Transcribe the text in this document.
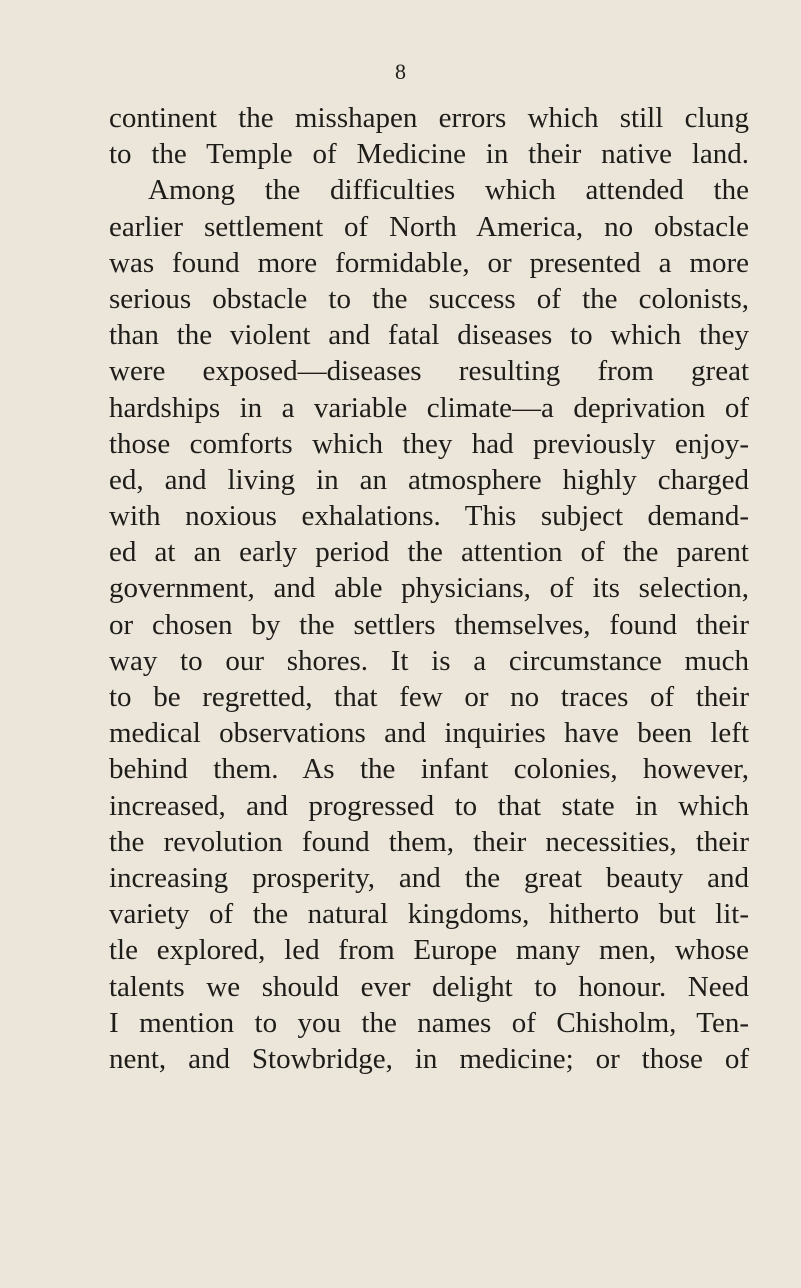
8
continent the misshapen errors which still clung
to the Temple of Medicine in their native land.
Among the difficulties which attended the
earlier settlement of North America, no obstacle
was found more formidable, or presented a more
serious obstacle to the success of the colonists,
than the violent and fatal diseases to which they
were exposed—diseases resulting from great
hardships in a variable climate—a deprivation of
those comforts which they had previously enjoy-
ed, and living in an atmosphere highly charged
with noxious exhalations. This subject demand-
ed at an early period the attention of the parent
government, and able physicians, of its selection,
or chosen by the settlers themselves, found their
way to our shores. It is a circumstance much
to be regretted, that few or no traces of their
medical observations and inquiries have been left
behind them. As the infant colonies, however,
increased, and progressed to that state in which
the revolution found them, their necessities, their
increasing prosperity, and the great beauty and
variety of the natural kingdoms, hitherto but lit-
tle explored, led from Europe many men, whose
talents we should ever delight to honour. Need
I mention to you the names of Chisholm, Ten-
nent, and Stowbridge, in medicine; or those of
